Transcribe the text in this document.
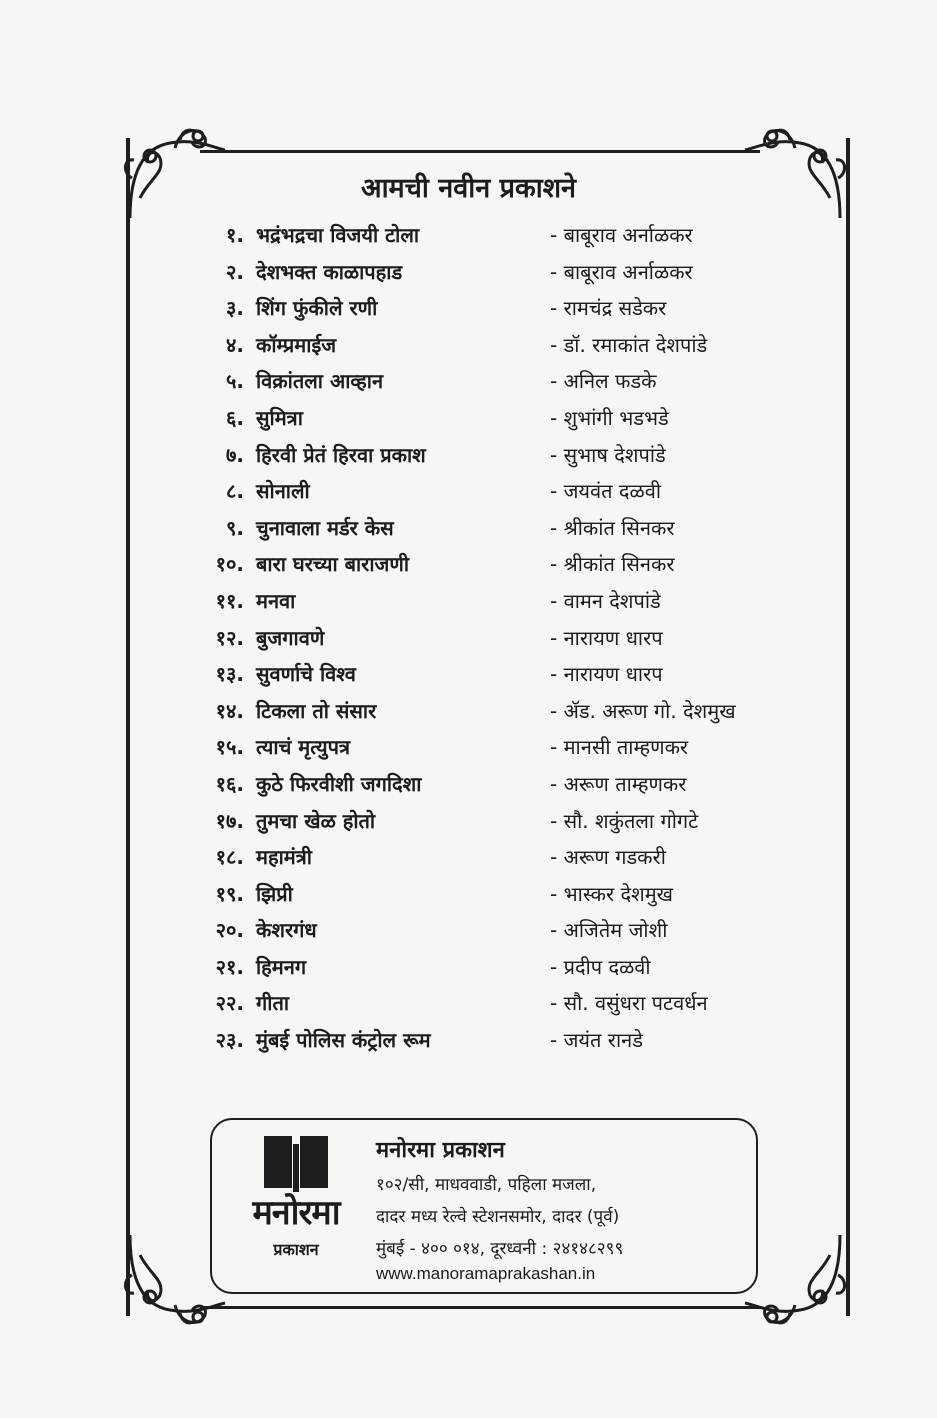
आमची नवीन प्रकाशने
१. भद्रंभद्रचा विजयी टोला	- बाबूराव अर्नाळकर
२. देशभक्त काळापहाड	- बाबूराव अर्नाळकर
३. शिंग फुंकीले रणी	- रामचंद्र सडेकर
४. कॉम्प्रमाईज	- डॉ. रमाकांत देशपांडे
५. विक्रांतला आव्हान	- अनिल फडके
६. सुमित्रा	- शुभांगी भडभडे
७. हिरवी प्रेतं हिरवा प्रकाश	- सुभाष देशपांडे
८. सोनाली	- जयवंत दळवी
९. चुनावाला मर्डर केस	- श्रीकांत सिनकर
१०. बारा घरच्या बाराजणी	- श्रीकांत सिनकर
११. मनवा	- वामन देशपांडे
१२. बुजगावणे	- नारायण धारप
१३. सुवर्णाचे विश्व	- नारायण धारप
१४. टिकला तो संसार	- ॲड. अरूण गो. देशमुख
१५. त्याचं मृत्युपत्र	- मानसी ताम्हणकर
१६. कुठे फिरवीशी जगदिशा	- अरूण ताम्हणकर
१७. तुमचा खेळ होतो	- सौ. शकुंतला गोगटे
१८. महामंत्री	- अरूण गडकरी
१९. झिप्री	- भास्कर देशमुख
२०. केशरगंध	- अजितेम जोशी
२१. हिमनग	- प्रदीप दळवी
२२. गीता	- सौ. वसुंधरा पटवर्धन
२३. मुंबई पोलिस कंट्रोल रूम	- जयंत रानडे
मनोरमा
प्रकाशन
मनोरमा प्रकाशन
१०२/सी, माधववाडी, पहिला मजला,
दादर मध्य रेल्वे स्टेशनसमोर, दादर (पूर्व)
मुंबई - ४०० ०१४, दूरध्वनी : २४१४८२९९
www.manoramaprakashan.in
